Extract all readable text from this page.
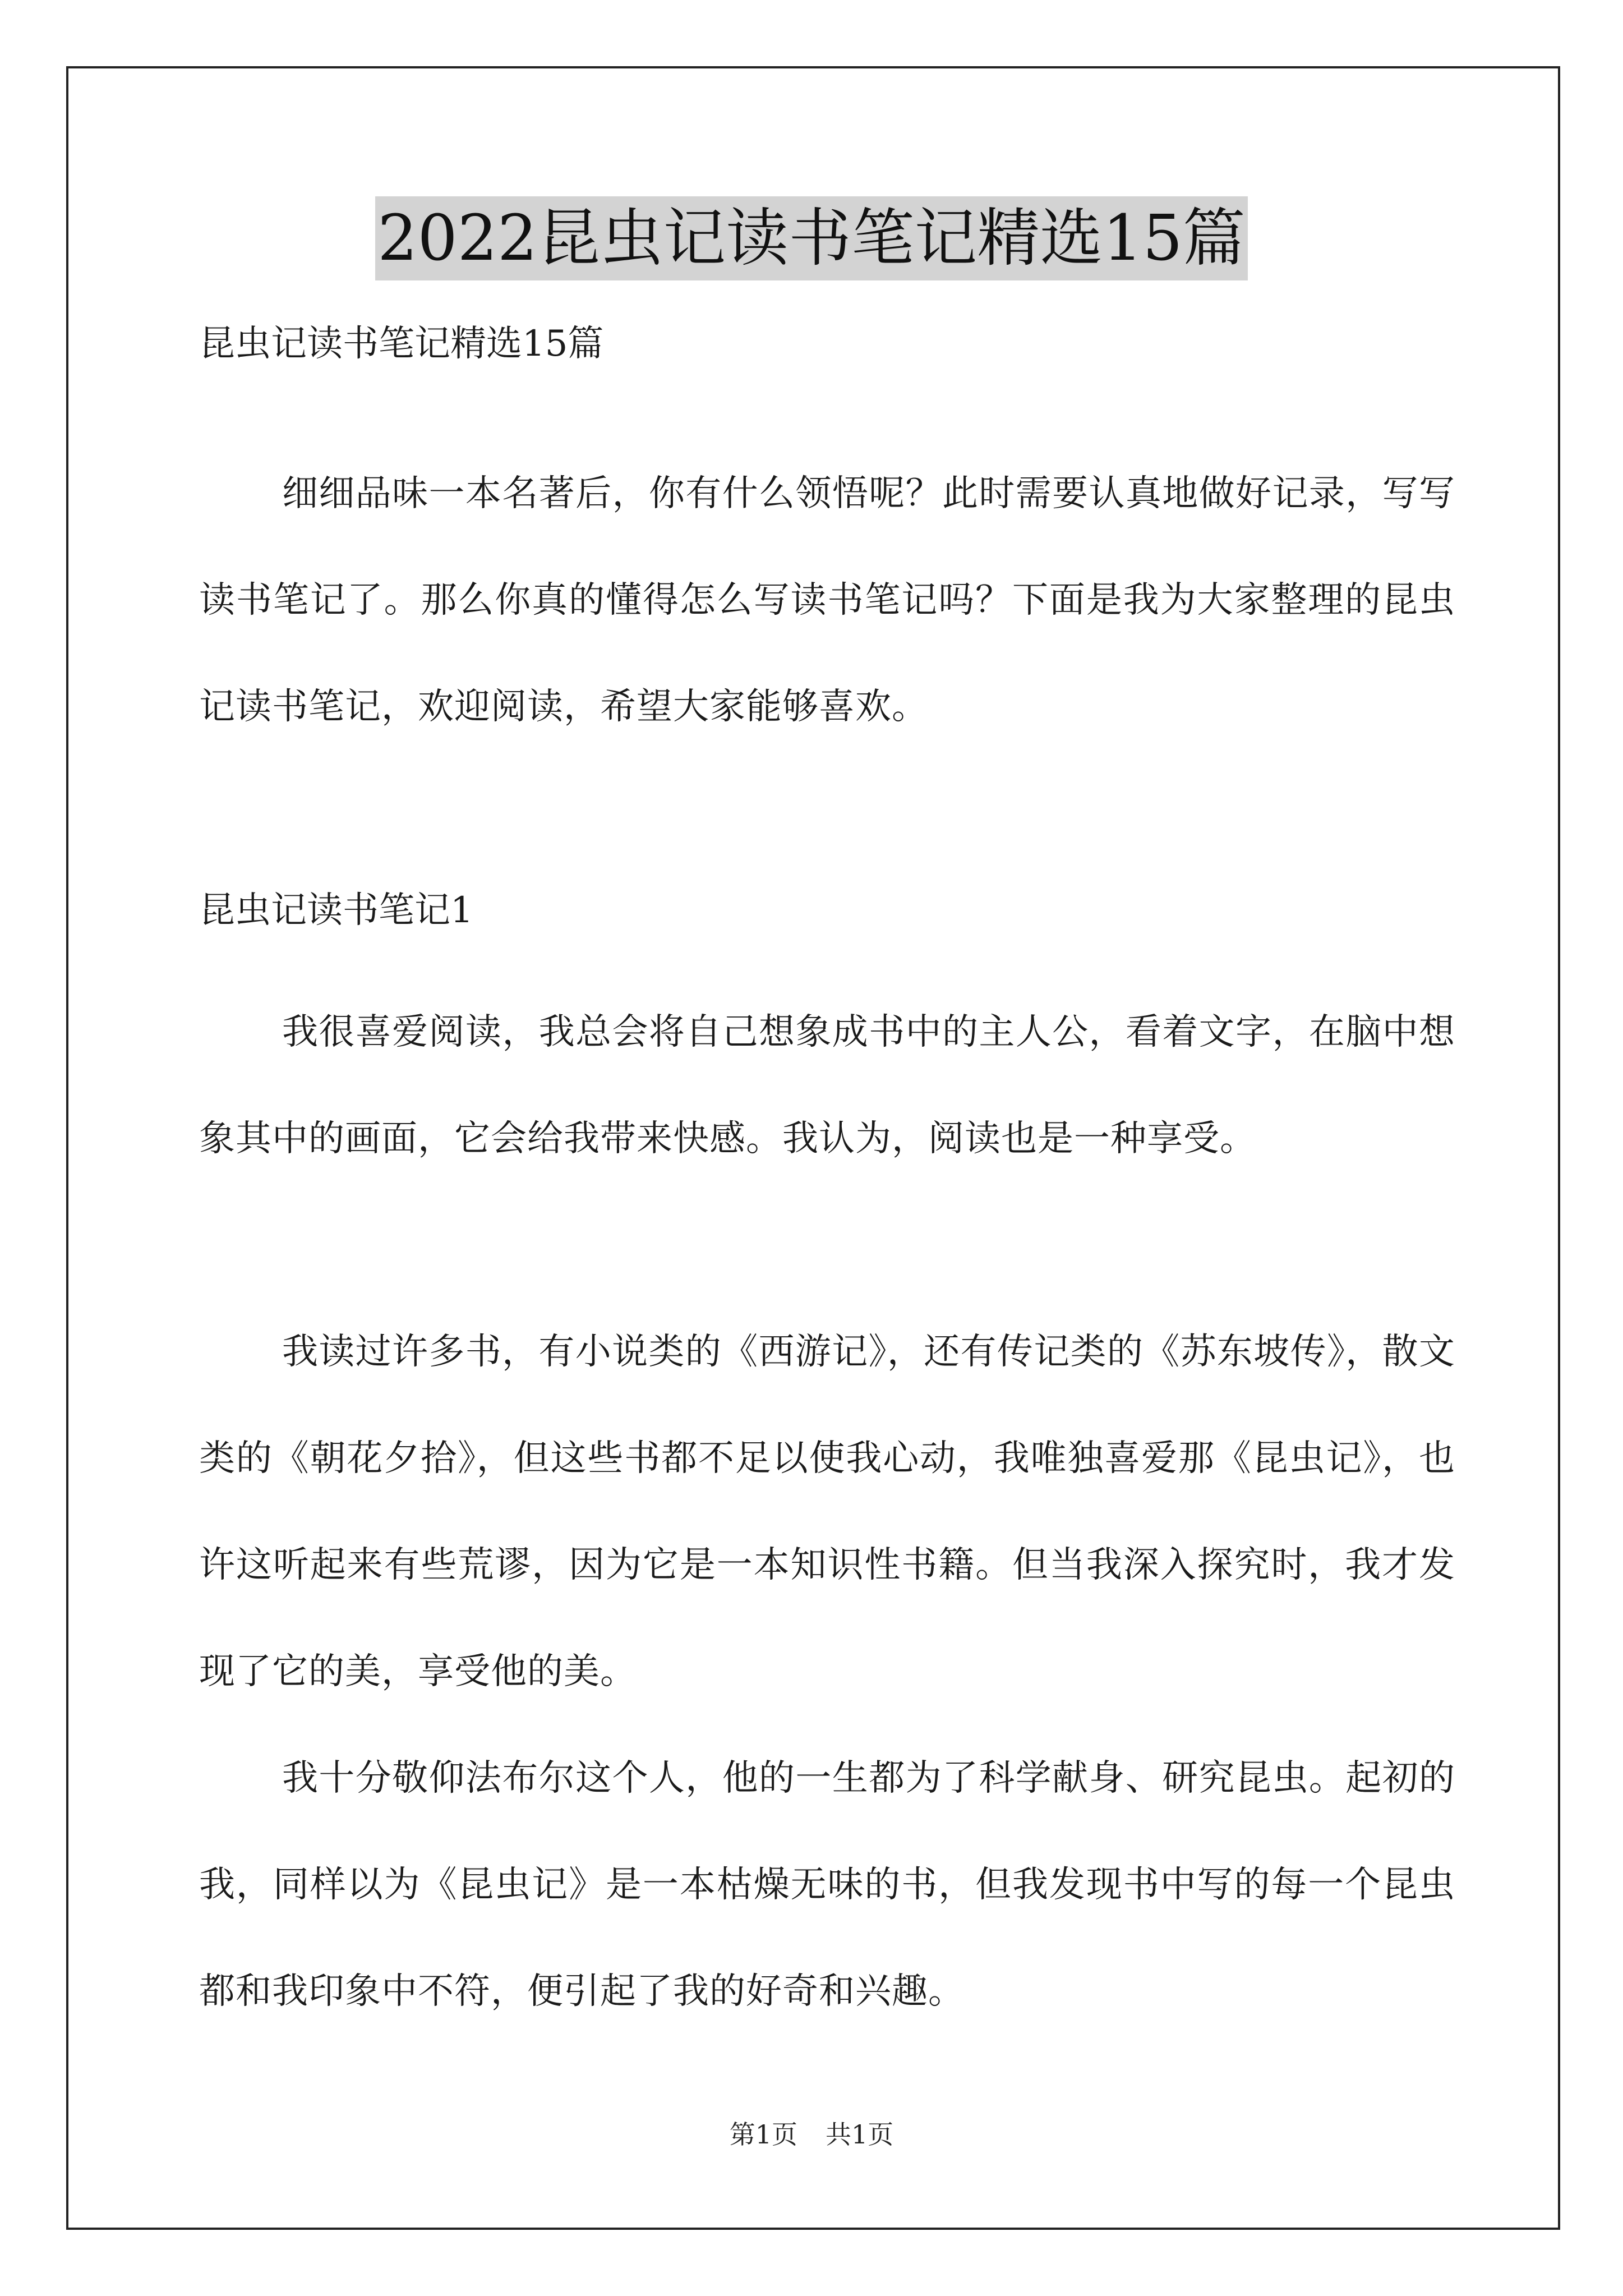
2022昆虫记读书笔记精选15篇
昆虫记读书笔记精选15篇
细细品味一本名著后，你有什么领悟呢？此时需要认真地做好记录，写写读书笔记了。那么你真的懂得怎么写读书笔记吗？下面是我为大家整理的昆虫记读书笔记，欢迎阅读，希望大家能够喜欢。
昆虫记读书笔记1
我很喜爱阅读，我总会将自己想象成书中的主人公，看着文字，在脑中想象其中的画面，它会给我带来快感。我认为，阅读也是一种享受。
我读过许多书，有小说类的《西游记》，还有传记类的《苏东坡传》，散文类的《朝花夕拾》，但这些书都不足以使我心动，我唯独喜爱那《昆虫记》，也许这听起来有些荒谬，因为它是一本知识性书籍。但当我深入探究时，我才发现了它的美，享受他的美。
我十分敬仰法布尔这个人，他的一生都为了科学献身、研究昆虫。起初的我，同样以为《昆虫记》是一本枯燥无味的书，但我发现书中写的每一个昆虫都和我印象中不符，便引起了我的好奇和兴趣。
第1页 共1页
